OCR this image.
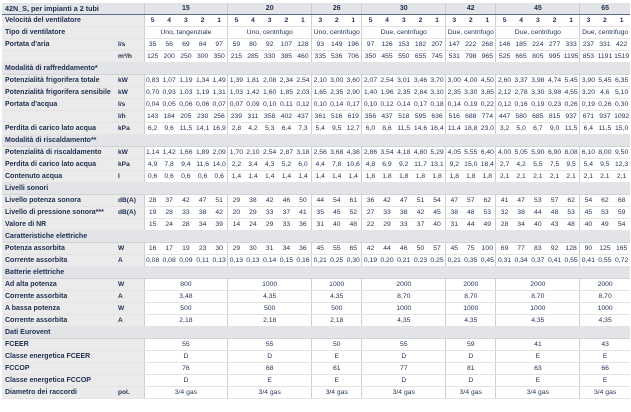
42N_S, per impianti a 2 tubi		15					20					26			30					42			45					65		
Velocità del ventilatore		5	4	3	2	1	5	4	3	2	1	3	2	1	5	4	3	2	1	3	2	1	5	4	3	2	1	3	2	1
Tipo di ventilatore		Uno, tangenziale					Uno, centrifugo					Uno, centrifugo			Due, centrifugo					Due, centrifugo			Due, centrifugo					Due, centrifugo		
Portata d'aria	l/s	35	56	69	84	97	59	80	92	107	128	93	149	196	97	126	153	182	207	147	222	268	146	185	224	277	333	237	331	422
	m³/h	125	200	250	300	350	215	285	330	385	460	335	536	706	350	455	550	655	745	531	798	965	525	665	805	995	1195	853	1191	1519
Modalità di raffreddamento*																														
Potenzialità frigorifera totale	kW	0,83	1,07	1,19	1,34	1,49	1,39	1,81	2,08	2,34	2,54	2,10	3,00	3,60	2,07	2,54	3,01	3,46	3,70	3,00	4,00	4,50	2,60	3,37	3,98	4,74	5,45	3,90	5,45	6,35
Potenzialità frigorifera sensibile	kW	0,70	0,93	1,03	1,19	1,31	1,03	1,42	1,60	1,85	2,03	1,65	2,35	2,90	1,40	1,96	2,35	2,84	3,10	2,35	3,30	3,85	2,12	2,78	3,30	3,98	4,55	3,20	4,6	5,10
Portata d'acqua	l/s	0,04	0,05	0,06	0,06	0,07	0,07	0,09	0,10	0,11	0,12	0,10	0,14	0,17	0,10	0,12	0,14	0,17	0,18	0,14	0,19	0,22	0,12	0,16	0,19	0,23	0,26	0,19	0,26	0,30
	l/h	143	184	205	230	256	239	311	358	402	437	361	516	619	356	437	518	595	636	516	688	774	447	580	685	815	937	671	937	1092
Perdita di carico lato acqua	kPa	6,2	9,6	11,5	14,1	16,9	2,8	4,2	5,3	6,4	7,3	5,4	9,5	12,7	6,0	8,6	11,5	14,6	16,4	11,4	18,8	23,0	3,2	5,0	6,7	9,0	11,5	6,4	11,5	15,0
Modalità di riscaldamento**																														
Potenzialità di riscaldamento	kW	1,14	1,42	1,66	1,89	2,09	1,70	2,10	2,54	2,87	3,18	2,56	3,68	4,38	2,86	3,54	4,18	4,80	5,29	4,05	5,55	6,40	4,00	5,05	5,90	6,90	8,08	6,10	8,00	9,50
Perdita di carico lato acqua	kPa	4,9	7,8	9,4	11,6	14,0	2,2	3,4	4,3	5,2	6,0	4,4	7,8	10,6	4,8	6,9	9,2	11,7	13,1	9,2	15,0	18,4	2,7	4,2	5,5	7,5	9,5	5,4	9,5	12,3
Contenuto acqua	l	0,6	0,6	0,6	0,6	0,6	1,4	1,4	1,4	1,4	1,4	1,4	1,4	1,4	1,8	1,8	1,8	1,8	1,8	1,8	1,8	1,8	2,1	2,1	2,1	2,1	2,1	2,1	2,1	2,1
Livelli sonori																														
Livello potenza sonora	dB(A)	28	37	42	47	51	29	38	42	46	50	44	54	61	36	42	47	51	54	47	57	62	41	47	53	57	62	54	62	68
Livello di pressione sonora***	dB(A)	19	28	33	38	42	20	29	33	37	41	35	45	52	27	33	38	42	45	38	48	53	32	38	44	48	53	45	53	59
Valore di NR		15	24	28	34	39	14	24	29	33	36	31	40	48	22	29	33	37	40	31	44	49	28	34	40	43	48	40	49	54
Caratteristiche elettriche																														
Potenza assorbita	W	16	17	19	23	30	29	30	31	34	36	45	55	65	42	44	46	50	57	45	75	100	69	77	83	92	128	90	125	165
Corrente assorbita	A	0,08	0,08	0,09	0,11	0,13	0,13	0,13	0,14	0,15	0,16	0,21	0,25	0,30	0,19	0,20	0,21	0,23	0,25	0,21	0,35	0,45	0,31	0,34	0,37	0,41	0,55	0,41	0,55	0,72
Batterie elettriche																														
Ad alta potenza	W	800					1000					1000			2000					2000			2000					2000		
Corrente assorbita	A	3,48					4,35					4,35			8,70					8,70			8,70					8,70		
A bassa potenza	W	500					500					500			1000					1000			1000					1000		
Corrente assorbita	A	2,18					2,18					2,18			4,35					4,35			4,35					4,35		
Dati Eurovent																														
FCEER		55					55					50			55					59			41					43		
Classe energetica FCEER		D					D					E			D					D			E					E		
FCCOP		76					68					61			77					81			63					66		
Classe energetica FCCOP		D					E					E			D					D			E					E		
Diametro dei raccordi	pol.	3/4 gas					3/4 gas					3/4 gas			3/4 gas					3/4 gas			3/4 gas					3/4 gas		
